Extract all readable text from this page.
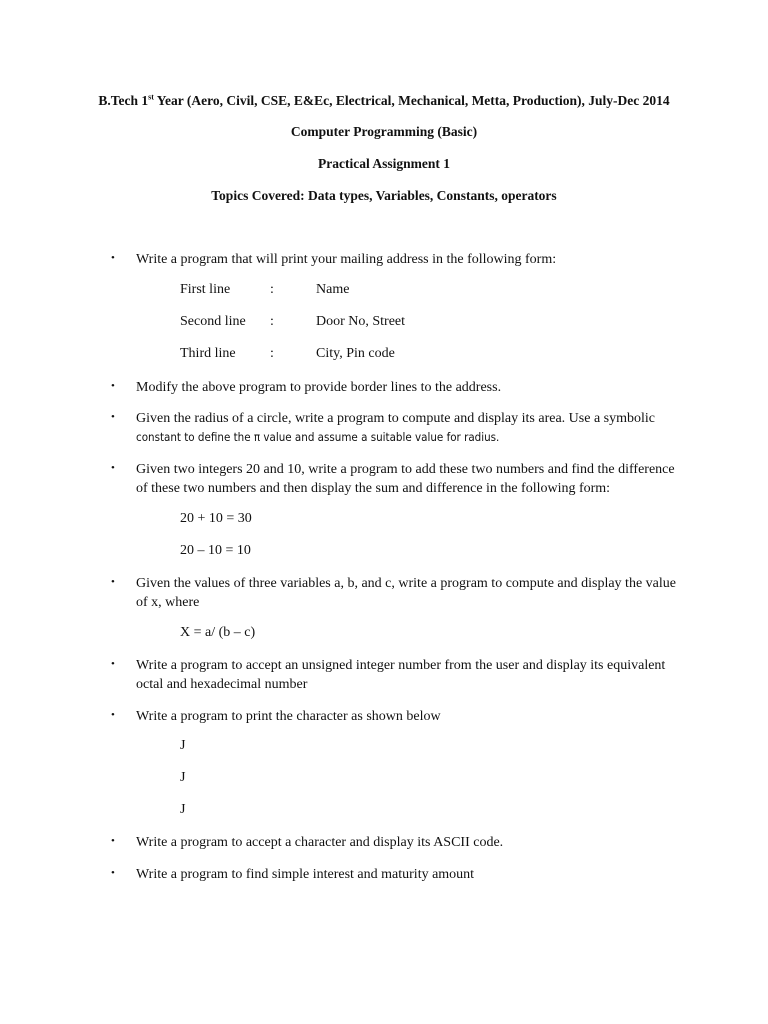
B.Tech 1st Year (Aero, Civil, CSE, E&Ec, Electrical, Mechanical, Metta, Production), July-Dec 2014
Computer Programming (Basic)
Practical Assignment 1
Topics Covered: Data types, Variables, Constants, operators
• Write a program that will print your mailing address in the following form:

First line	:	Name
Second line :	Door No, Street
Third line :	City, Pin code
• Modify the above program to provide border lines to the address.

• Given the radius of a circle, write a program to compute and display its area. Use a symbolic
constant to define the π value and assume a suitable value for radius.

• Given two integers 20 and 10, write a program to add these two numbers and find the difference of these two numbers and then display the sum and difference in the following form:

20 + 10 = 30
20 – 10 = 10
• Given the values of three variables a, b, and c, write a program to compute and display the value of x, where

X = a/ (b – c)
• Write a program to accept an unsigned integer number from the user and display its equivalent octal and hexadecimal number

• Write a program to print the character as shown below

J
J
J
• Write a program to accept a character and display its ASCII code.

• Write a program to find simple interest and maturity amount
